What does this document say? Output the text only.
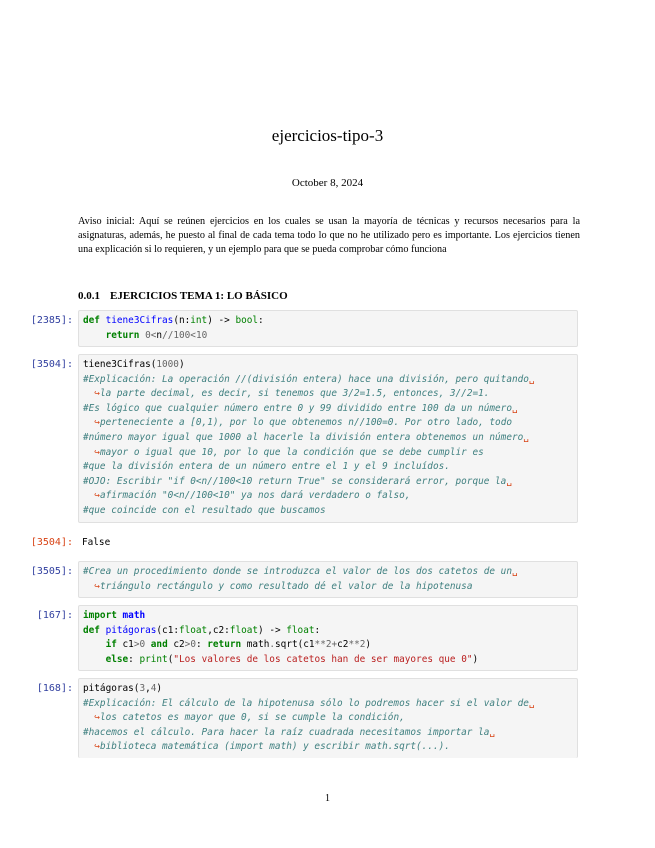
ejercicios-tipo-3
October 8, 2024
Aviso inicial: Aquí se reúnen ejercicios en los cuales se usan la mayoría de técnicas y recursos necesarios para la asignaturas, además, he puesto al final de cada tema todo lo que no he utilizado pero es importante. Los ejercicios tienen una explicación si lo requieren, y un ejemplo para que se pueda comprobar cómo funciona
0.0.1 EJERCICIOS TEMA 1: LO BÁSICO
[2385]: def tiene3Cifras(n:int) -> bool:
return 0<n//100<10
[3504]: tiene3Cifras(1000)
#Explicación: La operación //(división entera) hace una división, pero quitando␣
↪la parte decimal, es decir, si tenemos que 3/2=1.5, entonces, 3//2=1.
#Es lógico que cualquier número entre 0 y 99 dividido entre 100 da un número␣
↪perteneciente a [0,1), por lo que obtenemos n//100=0. Por otro lado, todo
#número mayor igual que 1000 al hacerle la división entera obtenemos un número␣
↪mayor o igual que 10, por lo que la condición que se debe cumplir es
#que la división entera de un número entre el 1 y el 9 incluídos.
#OJO: Escribir "if 0<n//100<10 return True" se considerará error, porque la␣
↪afirmación "0<n//100<10" ya nos dará verdadero o falso,
#que coincide con el resultado que buscamos
[3504]: False
[3505]: #Crea un procedimiento donde se introduzca el valor de los dos catetos de un␣
↪triángulo rectángulo y como resultado dé el valor de la hipotenusa
[167]: import math
def pitágoras(c1:float,c2:float) -> float:
if c1>0 and c2>0: return math.sqrt(c1**2+c2**2)
else: print("Los valores de los catetos han de ser mayores que 0")
[168]: pitágoras(3,4)
#Explicación: El cálculo de la hipotenusa sólo lo podremos hacer si el valor de␣
↪los catetos es mayor que 0, si se cumple la condición,
#hacemos el cálculo. Para hacer la raíz cuadrada necesitamos importar la␣
↪biblioteca matemática (import math) y escribir math.sqrt(...).
1
